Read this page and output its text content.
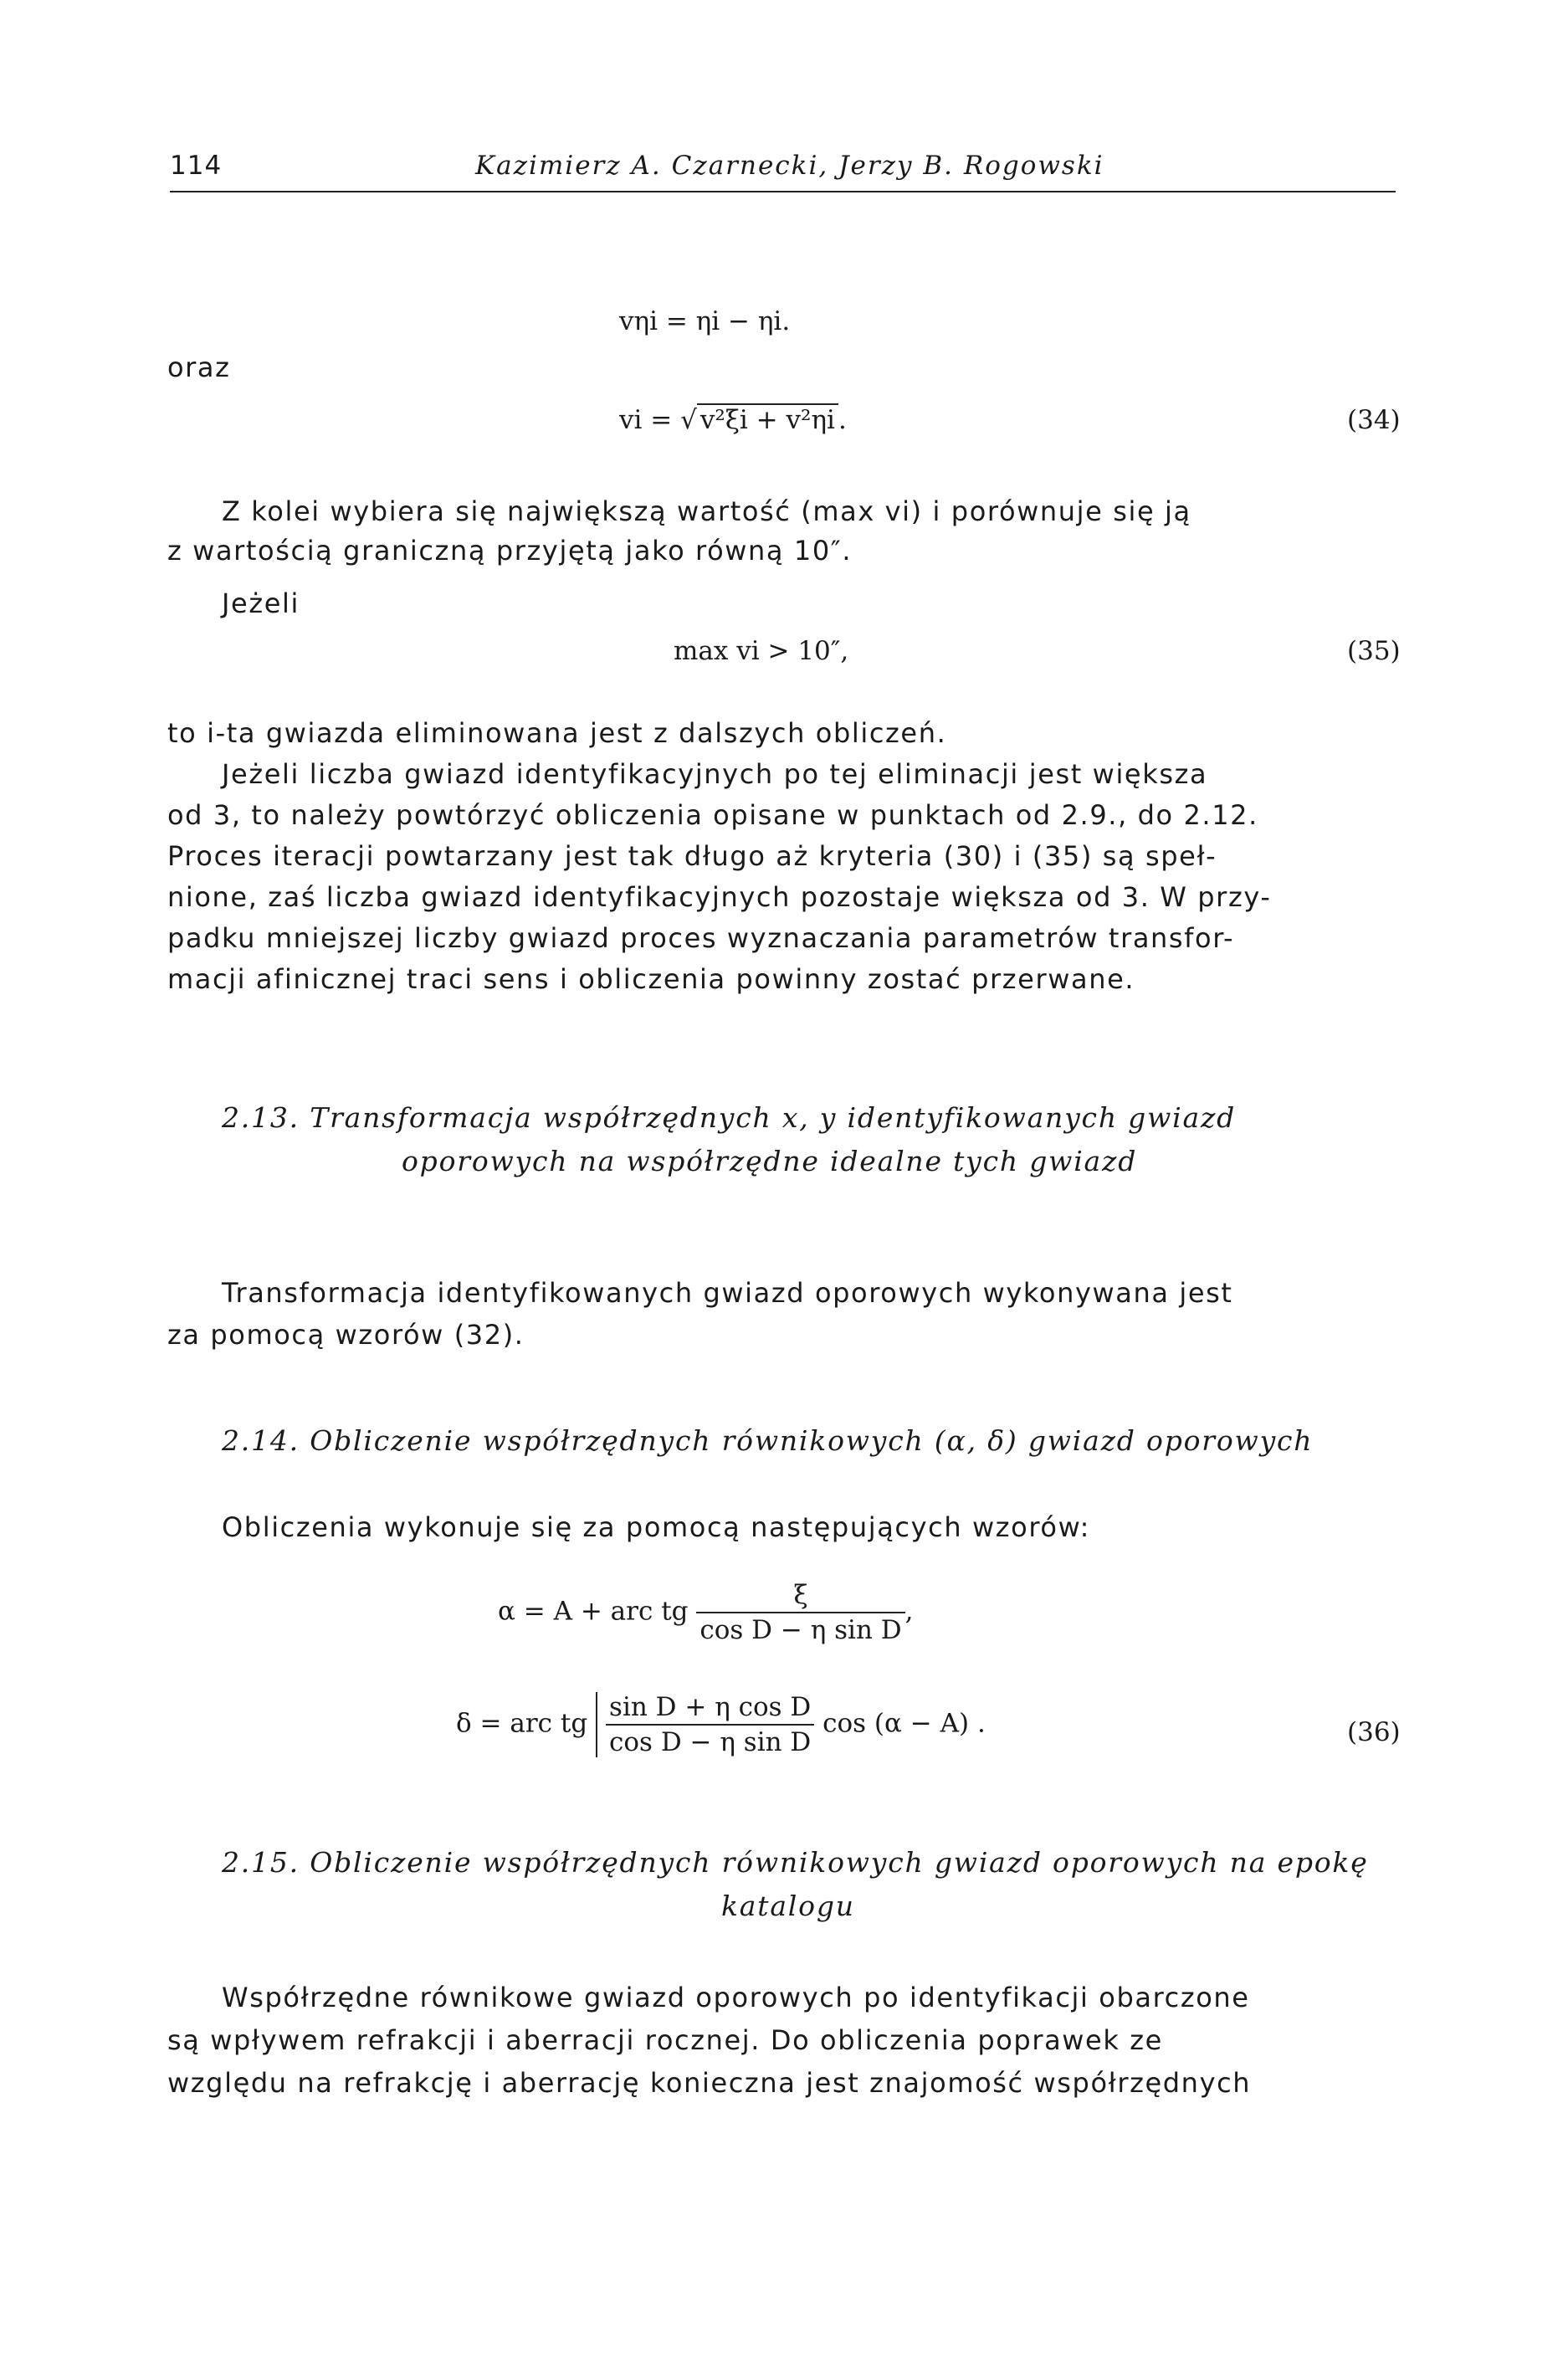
114	Kazimierz A. Czarnecki, Jerzy B. Rogowski
vηi = ηi − ηi.
oraz
vi = √ v²ξi + v²ηi .	(34)
Z kolei wybiera się największą wartość (max vi) i porównuje się ją
z wartością graniczną przyjętą jako równą 10″.
Jeżeli
max vi > 10″,	(35)
to i-ta gwiazda eliminowana jest z dalszych obliczeń.
Jeżeli liczba gwiazd identyfikacyjnych po tej eliminacji jest większa
od 3, to należy powtórzyć obliczenia opisane w punktach od 2.9., do 2.12.
Proces iteracji powtarzany jest tak długo aż kryteria (30) i (35) są speł-
nione, zaś liczba gwiazd identyfikacyjnych pozostaje większa od 3. W przy-
padku mniejszej liczby gwiazd proces wyznaczania parametrów transfor-
macji afinicznej traci sens i obliczenia powinny zostać przerwane.
2.13. Transformacja współrzędnych x, y identyfikowanych gwiazd
oporowych na współrzędne idealne tych gwiazd
Transformacja identyfikowanych gwiazd oporowych wykonywana jest
za pomocą wzorów (32).
2.14. Obliczenie współrzędnych równikowych (α, δ) gwiazd oporowych
Obliczenia wykonuje się za pomocą następujących wzorów:
α = A + arc tg $\frac{\xi}{\text{cos D − η sin D}}$ ,
δ = arc tg $\frac{\text{sin D + η cos D}}{\text{cos D − η sin D}}$ cos (α − A) .	(36)
2.15. Obliczenie współrzędnych równikowych gwiazd oporowych na epokę
katalogu
Współrzędne równikowe gwiazd oporowych po identyfikacji obarczone
są wpływem refrakcji i aberracji rocznej. Do obliczenia poprawek ze
względu na refrakcję i aberrację konieczna jest znajomość współrzędnych
